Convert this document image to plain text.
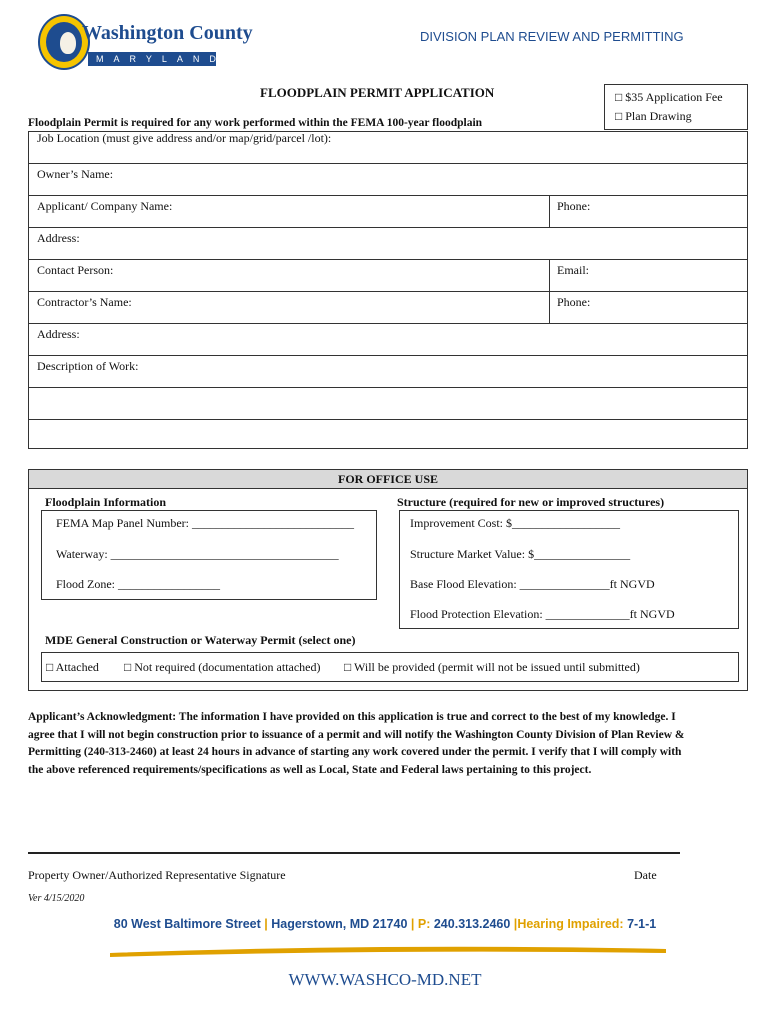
Washington County
MARYLAND
DIVISION PLAN REVIEW AND PERMITTING
FLOODPLAIN PERMIT APPLICATION	□ $35 Application Fee
□ Plan Drawing
Floodplain Permit is required for any work performed within the FEMA 100-year floodplain
Job Location (must give address and/or map/grid/parcel /lot):
Owner’s Name:
Applicant/ Company Name:	Phone:
Address:
Contact Person:	Email:
Contractor’s Name:	Phone:
Address:
Description of Work:
FOR OFFICE USE
Floodplain Information	Structure (required for new or improved structures)
FEMA Map Panel Number: ___________________________
Waterway: ______________________________________
Flood Zone: _________________
Improvement Cost: $__________________
Structure Market Value: $________________
Base Flood Elevation: _______________ft NGVD
Flood Protection Elevation: ______________ft NGVD
MDE General Construction or Waterway Permit (select one)
□ Attached □ Not required (documentation attached) □ Will be provided (permit will not be issued until submitted)
Applicant’s Acknowledgment: The information I have provided on this application is true and correct to the best of my knowledge. I agree that I will not begin construction prior to issuance of a permit and will notify the Washington County Division of Plan Review & Permitting (240-313-2460) at least 24 hours in advance of starting any work covered under the permit. I verify that I will comply with the above referenced requirements/specifications as well as Local, State and Federal laws pertaining to this project.
Property Owner/Authorized Representative Signature	Date
Ver 4/15/2020
80 West Baltimore Street | Hagerstown, MD 21740 | P: 240.313.2460 |Hearing Impaired: 7-1-1
WWW.WASHCO-MD.NET
